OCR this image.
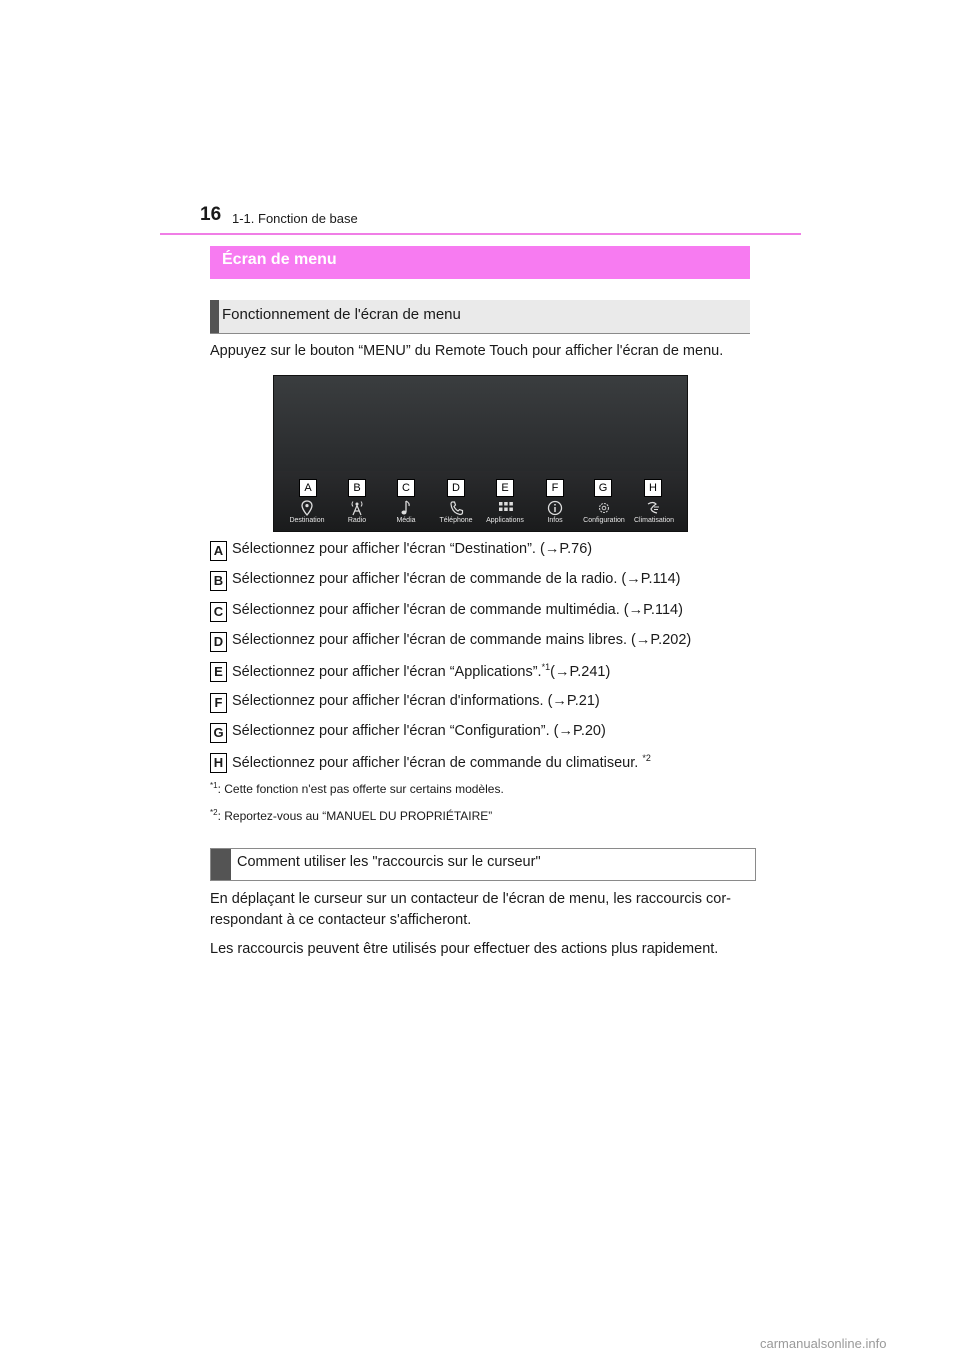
16 1-1. Fonction de base
Écran de menu
Fonctionnement de l'écran de menu
Appuyez sur le bouton “MENU” du Remote Touch pour afficher l'écran de menu.
A	B	C	D	E	F	G	H
Destination	Radio	Média	Téléphone	Applications	Infos	Configuration	Climatisation
A Sélectionnez pour afficher l'écran “Destination”. (→P.76)
B Sélectionnez pour afficher l'écran de commande de la radio. (→P.114)
C Sélectionnez pour afficher l'écran de commande multimédia. (→P.114)
D Sélectionnez pour afficher l'écran de commande mains libres. (→P.202)
E Sélectionnez pour afficher l'écran “Applications”.$^{*1}$(→P.241)
F Sélectionnez pour afficher l'écran d'informations. (→P.21)
G Sélectionnez pour afficher l'écran “Configuration”. (→P.20)
H Sélectionnez pour afficher l'écran de commande du climatiseur. $^{*2}$
$^{*1}$: Cette fonction n'est pas offerte sur certains modèles.
$^{*2}$: Reportez-vous au “MANUEL DU PROPRIÉTAIRE”
Comment utiliser les "raccourcis sur le curseur"
En déplaçant le curseur sur un contacteur de l'écran de menu, les raccourcis cor-
respondant à ce contacteur s'afficheront.
Les raccourcis peuvent être utilisés pour effectuer des actions plus rapidement.
carmanualsonline.info
